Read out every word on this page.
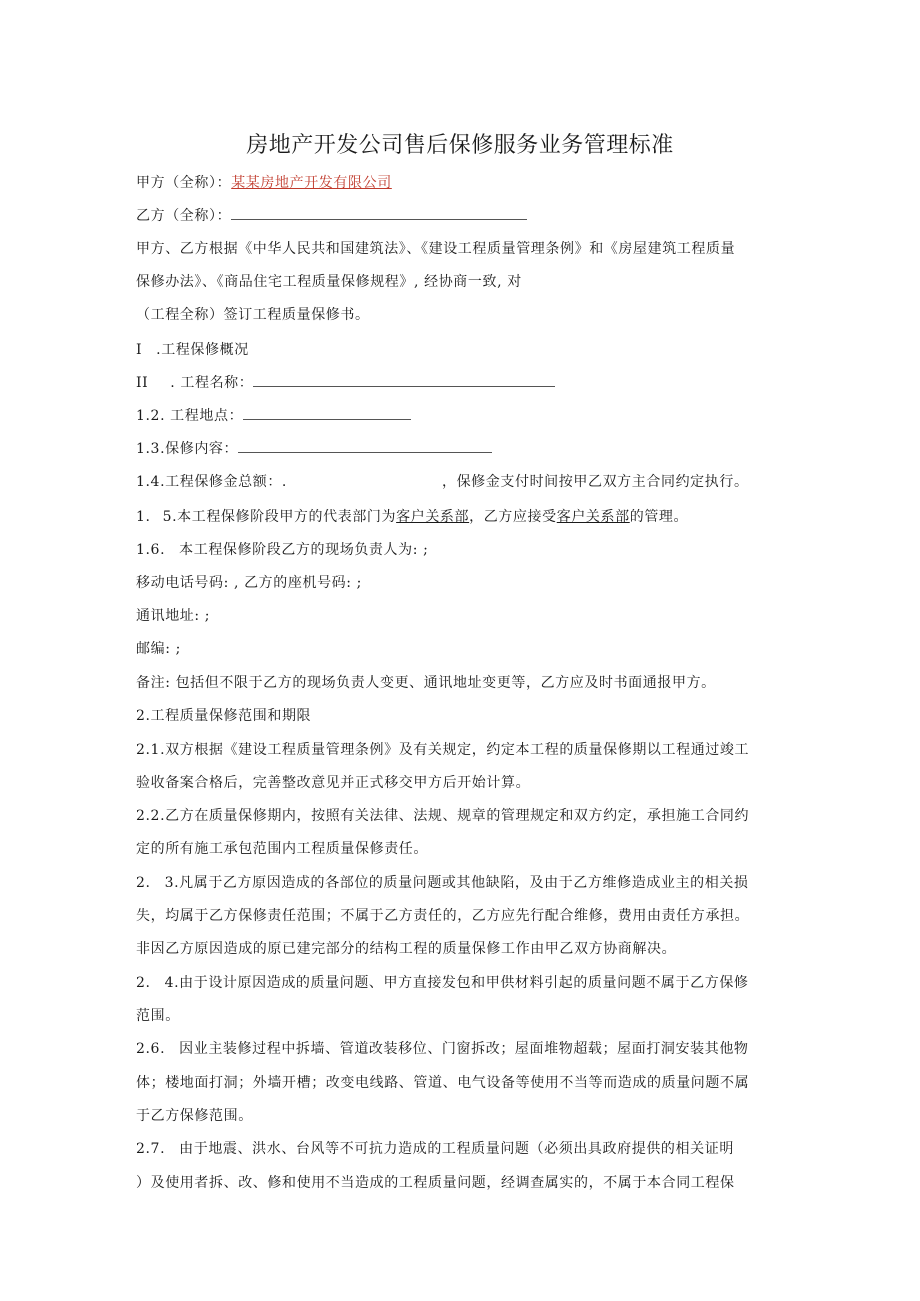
房地产开发公司售后保修服务业务管理标准
甲方（全称）：某某房地产开发有限公司
乙方（全称）：
甲方、乙方根据《中华人民共和国建筑法》、《建设工程质量管理条例》和《房屋建筑工程质量
保修办法》、《商品住宅工程质量保修规程》, 经协商一致, 对
（工程全称）签订工程质量保修书。
I .工程保修概况
II . 工程名称：
1.2. 工程地点：
1.3.保修内容：
1.4.工程保修金总额：.	，保修金支付时间按甲乙双方主合同约定执行。
1. 5.本工程保修阶段甲方的代表部门为客户关系部，乙方应接受客户关系部的管理。
1.6. 本工程保修阶段乙方的现场负责人为: ;
移动电话号码: , 乙方的座机号码: ;
通讯地址: ;
邮编: ;
备注: 包括但不限于乙方的现场负责人变更、通讯地址变更等，乙方应及时书面通报甲方。
2.工程质量保修范围和期限
2.1.双方根据《建设工程质量管理条例》及有关规定，约定本工程的质量保修期以工程通过竣工
验收备案合格后，完善整改意见并正式移交甲方后开始计算。
2.2.乙方在质量保修期内，按照有关法律、法规、规章的管理规定和双方约定，承担施工合同约
定的所有施工承包范围内工程质量保修责任。
2. 3.凡属于乙方原因造成的各部位的质量问题或其他缺陷，及由于乙方维修造成业主的相关损
失，均属于乙方保修责任范围；不属于乙方责任的，乙方应先行配合维修，费用由责任方承担。
非因乙方原因造成的原已建完部分的结构工程的质量保修工作由甲乙双方协商解决。
2. 4.由于设计原因造成的质量问题、甲方直接发包和甲供材料引起的质量问题不属于乙方保修
范围。
2.6. 因业主装修过程中拆墙、管道改装移位、门窗拆改；屋面堆物超载；屋面打洞安装其他物
体；楼地面打洞；外墙开槽；改变电线路、管道、电气设备等使用不当等而造成的质量问题不属
于乙方保修范围。
2.7. 由于地震、洪水、台风等不可抗力造成的工程质量问题（必须出具政府提供的相关证明
）及使用者拆、改、修和使用不当造成的工程质量问题，经调查属实的，不属于本合同工程保
